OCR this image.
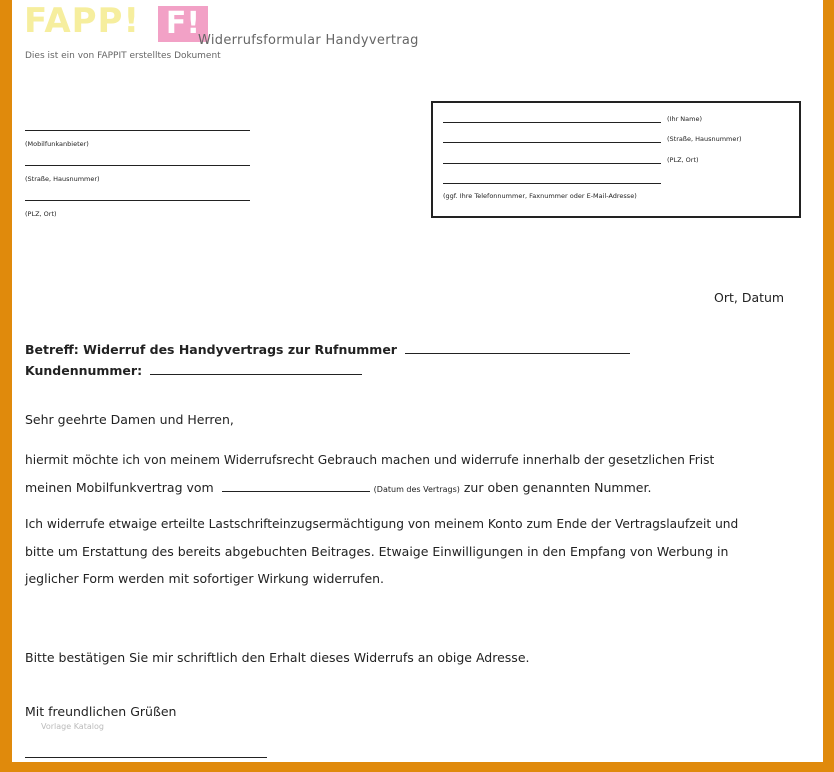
FAPP! F!
Widerrufsformular Handyvertrag
Dies ist ein von FAPPIT erstelltes Dokument
(Mobilfunkanbieter)
(Straße, Hausnummer)
(PLZ, Ort)
(Ihr Name)
(Straße, Hausnummer)
(PLZ, Ort)
(ggf. Ihre Telefonnummer, Faxnummer oder E-Mail-Adresse)
Ort, Datum
Betreff: Widerruf des Handyvertrags zur Rufnummer
Kundennummer:
Sehr geehrte Damen und Herren,
hiermit möchte ich von meinem Widerrufsrecht Gebrauch machen und widerrufe innerhalb der gesetzlichen Frist
meinen Mobilfunkvertrag vom	(Datum des Vertrags) zur oben genannten Nummer.
Ich widerrufe etwaige erteilte Lastschrifteinzugsermächtigung von meinem Konto zum Ende der Vertragslaufzeit und
bitte um Erstattung des bereits abgebuchten Beitrages. Etwaige Einwilligungen in den Empfang von Werbung in
jeglicher Form werden mit sofortiger Wirkung widerrufen.
Bitte bestätigen Sie mir schriftlich den Erhalt dieses Widerrufs an obige Adresse.
Mit freundlichen Grüßen
Vorlage Katalog
